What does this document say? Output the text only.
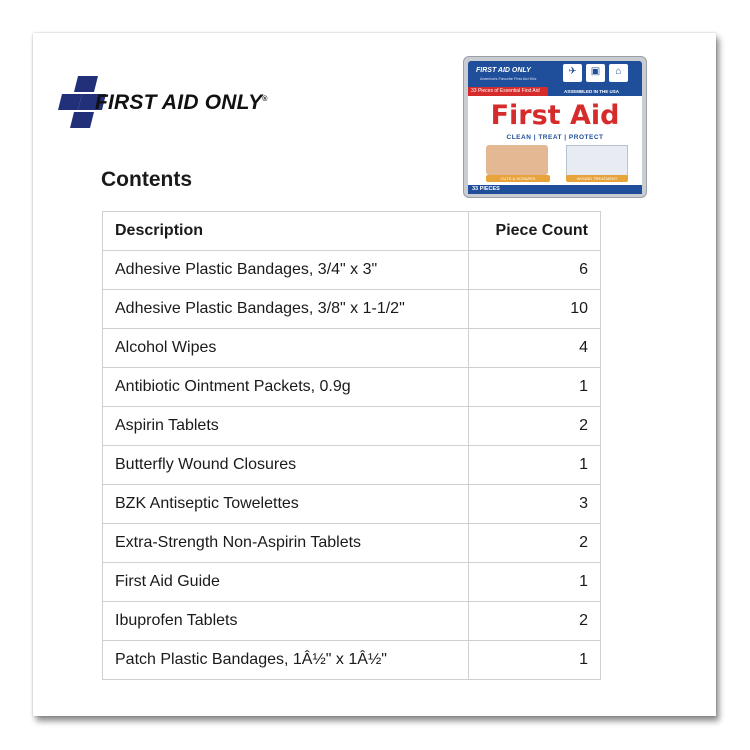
FIRST AID ONLY®
Contents
FIRST AID ONLY
America's Favorite First Aid Kits
✈	▣	⌂
33 Pieces of Essential First Aid	ASSEMBLED IN THE USA
First Aid
CLEAN | TREAT | PROTECT
CUTS & SCRAPES	WOUND TREATMENT
33 PIECES
Description	Piece Count
Adhesive Plastic Bandages, 3/4" x 3"	6
Adhesive Plastic Bandages, 3/8" x 1-1/2"	10
Alcohol Wipes	4
Antibiotic Ointment Packets, 0.9g	1
Aspirin Tablets	2
Butterfly Wound Closures	1
BZK Antiseptic Towelettes	3
Extra-Strength Non-Aspirin Tablets	2
First Aid Guide	1
Ibuprofen Tablets	2
Patch Plastic Bandages, 1Â½" x 1Â½"	1
